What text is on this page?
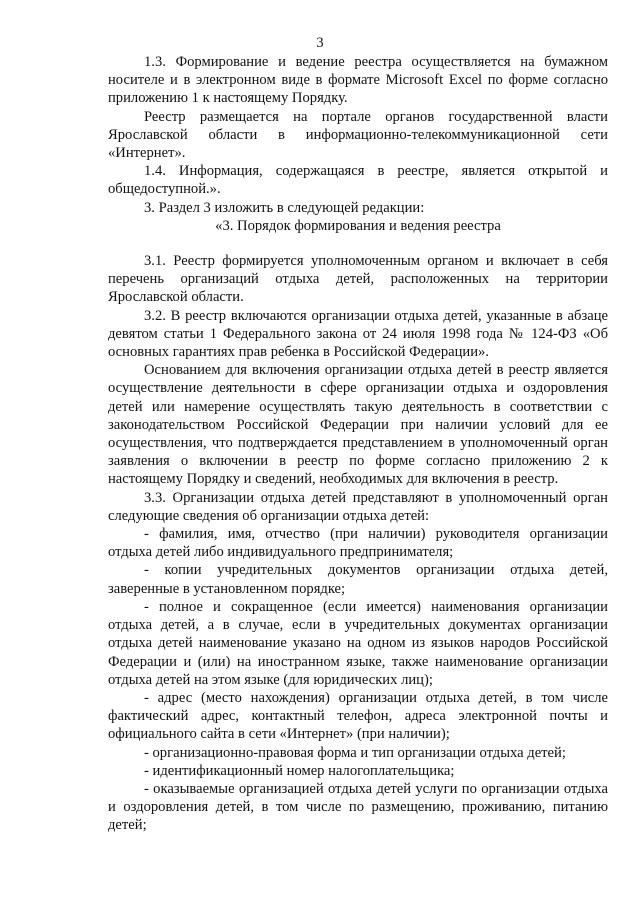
3

1.3. Формирование и ведение реестра осуществляется на бумажном носителе и в электронном виде в формате Microsoft Excel по форме согласно приложению 1 к настоящему Порядку.

Реестр размещается на портале органов государственной власти Ярославской области в информационно-телекоммуникационной сети «Интернет».

1.4. Информация, содержащаяся в реестре, является открытой и общедоступной.».

3. Раздел 3 изложить в следующей редакции:

«3. Порядок формирования и ведения реестра

3.1. Реестр формируется уполномоченным органом и включает в себя перечень организаций отдыха детей, расположенных на территории Ярославской области.

3.2. В реестр включаются организации отдыха детей, указанные в абзаце девятом статьи 1 Федерального закона от 24 июля 1998 года № 124-ФЗ «Об основных гарантиях прав ребенка в Российской Федерации».

Основанием для включения организации отдыха детей в реестр является осуществление деятельности в сфере организации отдыха и оздоровления детей или намерение осуществлять такую деятельность в соответствии с законодательством Российской Федерации при наличии условий для ее осуществления, что подтверждается представлением в уполномоченный орган заявления о включении в реестр по форме согласно приложению 2 к настоящему Порядку и сведений, необходимых для включения в реестр.

3.3. Организации отдыха детей представляют в уполномоченный орган следующие сведения об организации отдыха детей:

- фамилия, имя, отчество (при наличии) руководителя организации отдыха детей либо индивидуального предпринимателя;

- копии учредительных документов организации отдыха детей, заверенные в установленном порядке;

- полное и сокращенное (если имеется) наименования организации отдыха детей, а в случае, если в учредительных документах организации отдыха детей наименование указано на одном из языков народов Российской Федерации и (или) на иностранном языке, также наименование организации отдыха детей на этом языке (для юридических лиц);

- адрес (место нахождения) организации отдыха детей, в том числе фактический адрес, контактный телефон, адреса электронной почты и официального сайта в сети «Интернет» (при наличии);

- организационно-правовая форма и тип организации отдыха детей;

- идентификационный номер налогоплательщика;

- оказываемые организацией отдыха детей услуги по организации отдыха и оздоровления детей, в том числе по размещению, проживанию, питанию детей;
